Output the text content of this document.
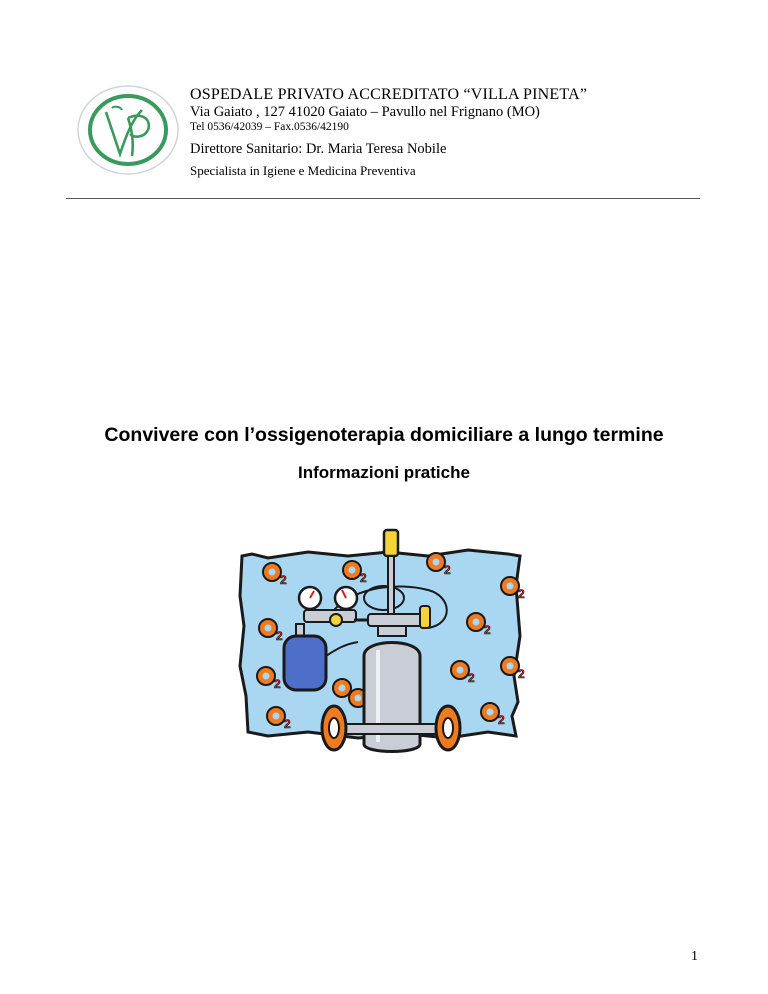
OSPEDALE PRIVATO ACCREDITATO “VILLA PINETA”
Via Gaiato , 127 41020 Gaiato – Pavullo nel Frignano (MO)
Tel 0536/42039 – Fax.0536/42190
Direttore Sanitario: Dr. Maria Teresa Nobile
Specialista in Igiene e Medicina Preventiva
Convivere con l’ossigenoterapia domiciliare a lungo termine
Informazioni pratiche
2	2
2
2
2	2
2	2	2
2	2
1
